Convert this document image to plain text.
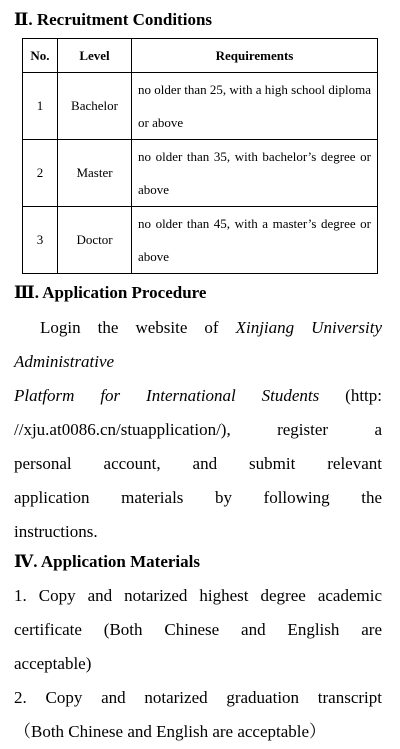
Ⅱ. Recruitment Conditions
No.	Level	Requirements
1	Bachelor	no older than 25, with a high school diploma or above
2	Master	no older than 35, with bachelor’s degree or above
3	Doctor	no older than 45, with a master’s degree or above
Ⅲ. Application Procedure
Login the website of Xinjiang University
Administrative
Platform for International Students (http:
//xju.at0086.cn/stuapplication/), register a
personal account, and submit relevant
application materials by following the
instructions.
Ⅳ. Application Materials
1. Copy and notarized highest degree academic
certificate (Both Chinese and English are
acceptable)
2. Copy and notarized graduation transcript
（Both Chinese and English are acceptable）
